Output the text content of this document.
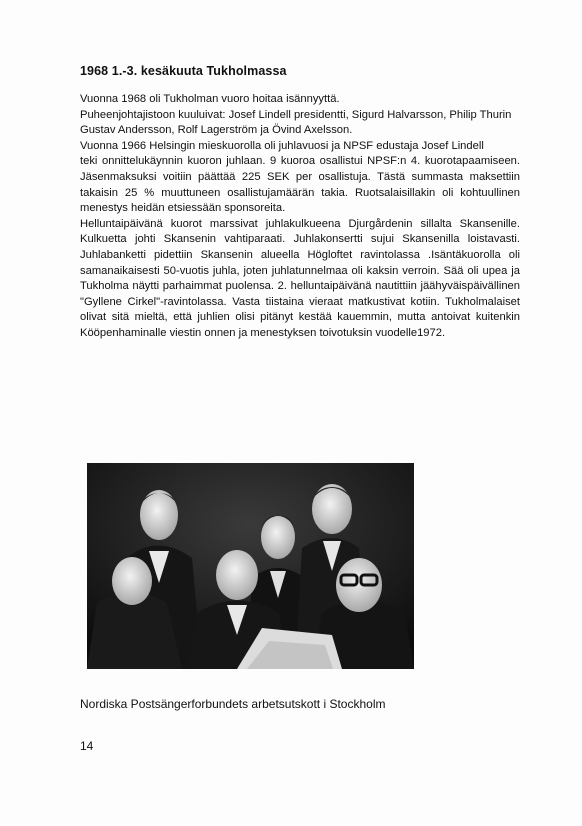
1968 1.-3. kesäkuuta Tukholmassa

Vuonna 1968 oli Tukholman vuoro hoitaa isännyyttä.

Puheenjohtajistoon kuuluivat: Josef Lindell presidentti, Sigurd Halvarsson, Philip Thurin

Gustav Andersson, Rolf Lagerström ja Övind Axelsson.

Vuonna 1966 Helsingin mieskuorolla oli juhlavuosi ja NPSF edustaja Josef Lindell

teki onnittelukäynnin kuoron juhlaan. 9 kuoroa osallistui NPSF:n 4. kuorotapaamiseen. Jäsenmaksuksi voitiin päättää 225 SEK per osallistuja. Tästä summasta maksettiin takaisin 25 % muuttuneen osallistujamäärän takia. Ruotsalaisillakin oli kohtuullinen menestys heidän etsiessään sponsoreita.

Helluntaipäivänä kuorot marssivat juhlakulkueena Djurgårdenin sillalta Skansenille. Kulkuetta johti Skansenin vahtiparaati. Juhlakonsertti sujui Skansenilla loistavasti. Juhlabanketti pidettiin Skansenin alueella Högloftet ravintolassa .Isäntäkuorolla oli samanaikaisesti 50-vuotis juhla, joten juhlatunnelmaa oli kaksin verroin. Sää oli upea ja Tukholma näytti parhaimmat puolensa. 2. helluntaipäivänä nautittiin jäähyväispäivällinen "Gyllene Cirkel"-ravintolassa. Vasta tiistaina vieraat matkustivat kotiin. Tukholmalaiset olivat sitä mieltä, että juhlien olisi pitänyt kestää kauemmin, mutta antoivat kuitenkin Kööpenhaminalle viestin onnen ja menestyksen toivotuksin vuodelle1972.

Nordiska Postsängerforbundets arbetsutskott i Stockholm
14
